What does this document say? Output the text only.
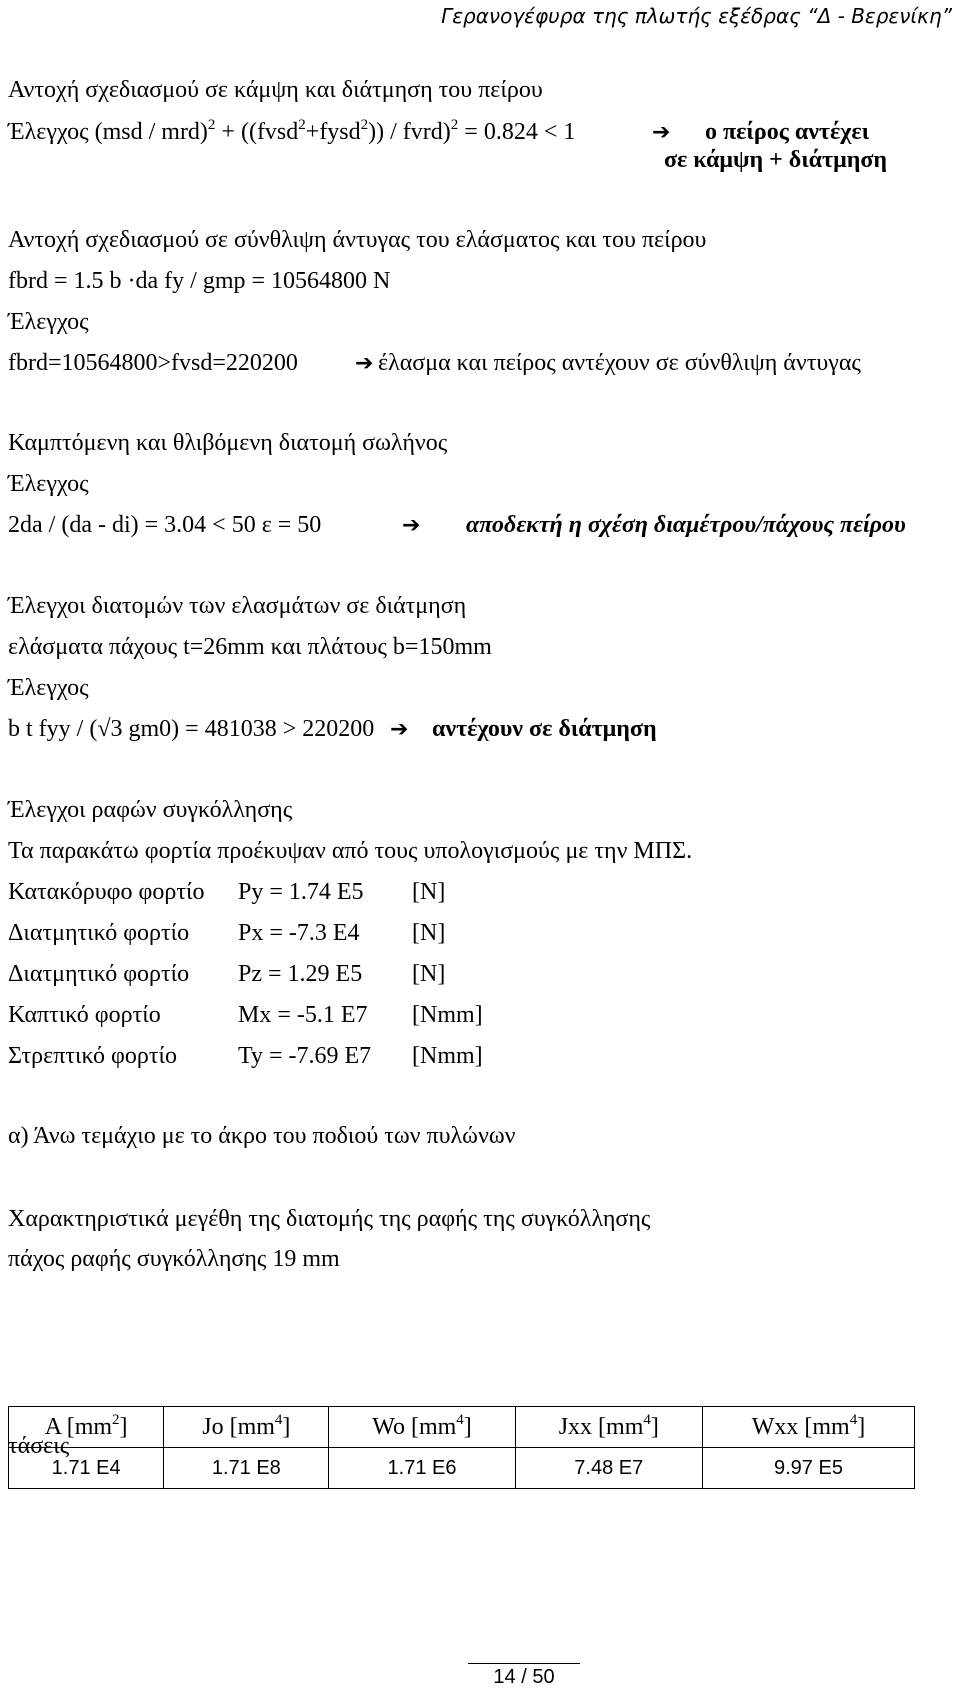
Γερανογέφυρα της πλωτής εξέδρας “Δ - Βερενίκη”
Αντοχή σχεδιασμού σε κάμψη και διάτμηση του πείρου
Έλεγχος (msd / mrd)$^2$ + ((fvsd$^2$+fysd$^2$)) / fvrd)$^2$ = 0.824 < 1	➔ ο πείρος αντέχει
σε κάμψη + διάτμηση
Αντοχή σχεδιασμού σε σύνθλιψη άντυγας του ελάσματος και του πείρου
fbrd = 1.5 b ·da fy / gmp = 10564800 N
Έλεγχος
fbrd=10564800>fvsd=220200	➔ έλασμα και πείρος αντέχουν σε σύνθλιψη άντυγας
Καμπτόμενη και θλιβόμενη διατομή σωλήνος
Έλεγχος
2da / (da - di) = 3.04 < 50 ε = 50	➔ αποδεκτή η σχέση διαμέτρου/πάχους πείρου
Έλεγχοι διατομών των ελασμάτων σε διάτμηση
ελάσματα πάχους t=26mm και πλάτους b=150mm
Έλεγχος
b t fyy / (√3 gm0) = 481038 > 220200 ➔ αντέχουν σε διάτμηση
Έλεγχοι ραφών συγκόλλησης
Τα παρακάτω φορτία προέκυψαν από τους υπολογισμούς με την ΜΠΣ.
Κατακόρυφο φορτίο Py = 1.74 E5 [N]
Διατμητικό φορτίο Px = -7.3 E4 [N]
Διατμητικό φορτίο Pz = 1.29 E5 [N]
Καπτικό φορτίο	Mx = -5.1 E7 [Nmm]
Στρεπτικό φορτίο	Ty = -7.69 E7 [Nmm]
α) Άνω τεμάχιο με το άκρο του ποδιού των πυλώνων
Χαρακτηριστικά μεγέθη της διατομής της ραφής της συγκόλλησης
πάχος ραφής συγκόλλησης 19 mm
A $[mm^2]$	Jo $[mm^4]$	Wo $[mm^4]$	Jxx $[mm^4]$	Wxx $[mm^4]$
1.71 E4	1.71 E8	1.71 E6	7.48 E7	9.97 E5
τάσεις
14 / 50
